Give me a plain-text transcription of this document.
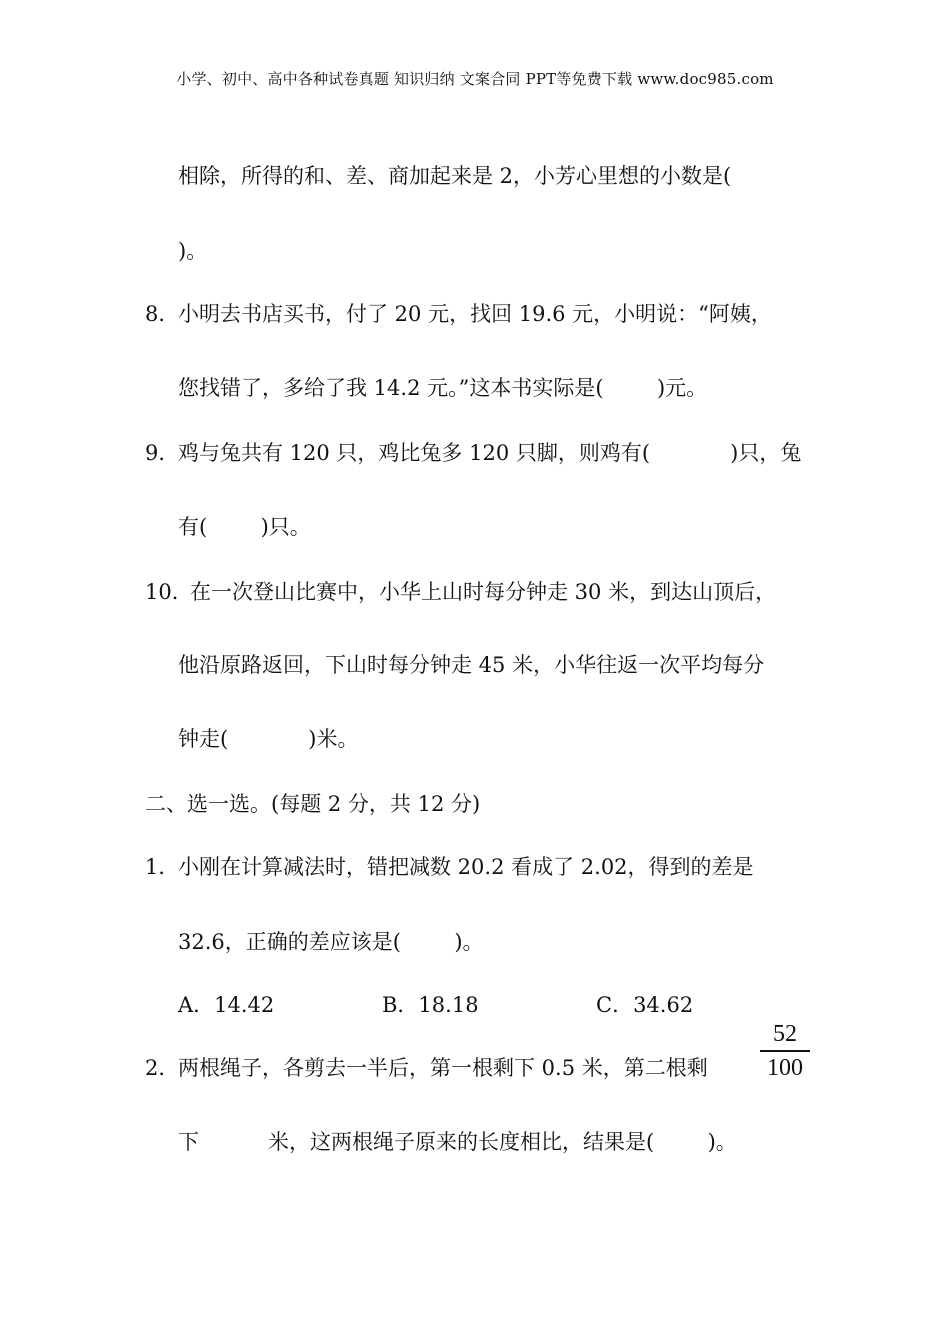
小学、初中、高中各种试卷真题 知识归纳 文案合同 PPT等免费下载 www.doc985.com
相除，所得的和、差、商加起来是 2，小芳心里想的小数是(
)。
8．
小明去书店买书，付了 20 元，找回 19.6 元，小明说：“阿姨，
您找错了，多给了我 14.2 元。”这本书实际是(        )元。
9．
鸡与兔共有 120 只，鸡比兔多 120 只脚，则鸡有(            )只，兔
有(        )只。
10．
在一次登山比赛中，小华上山时每分钟走 30 米，到达山顶后，
他沿原路返回，下山时每分钟走 45 米，小华往返一次平均每分
钟走(            )米。
二、选一选。(每题 2 分，共 12 分)
1．
小刚在计算减法时，错把减数 20.2 看成了 2.02，得到的差是
32.6，正确的差应该是(        )。
A．14.42	B．18.18	C．34.62
2．
两根绳子，各剪去一半后，第一根剩下 0.5 米，第二根剩
52
100
下	米，这两根绳子原来的长度相比，结果是(        )。
